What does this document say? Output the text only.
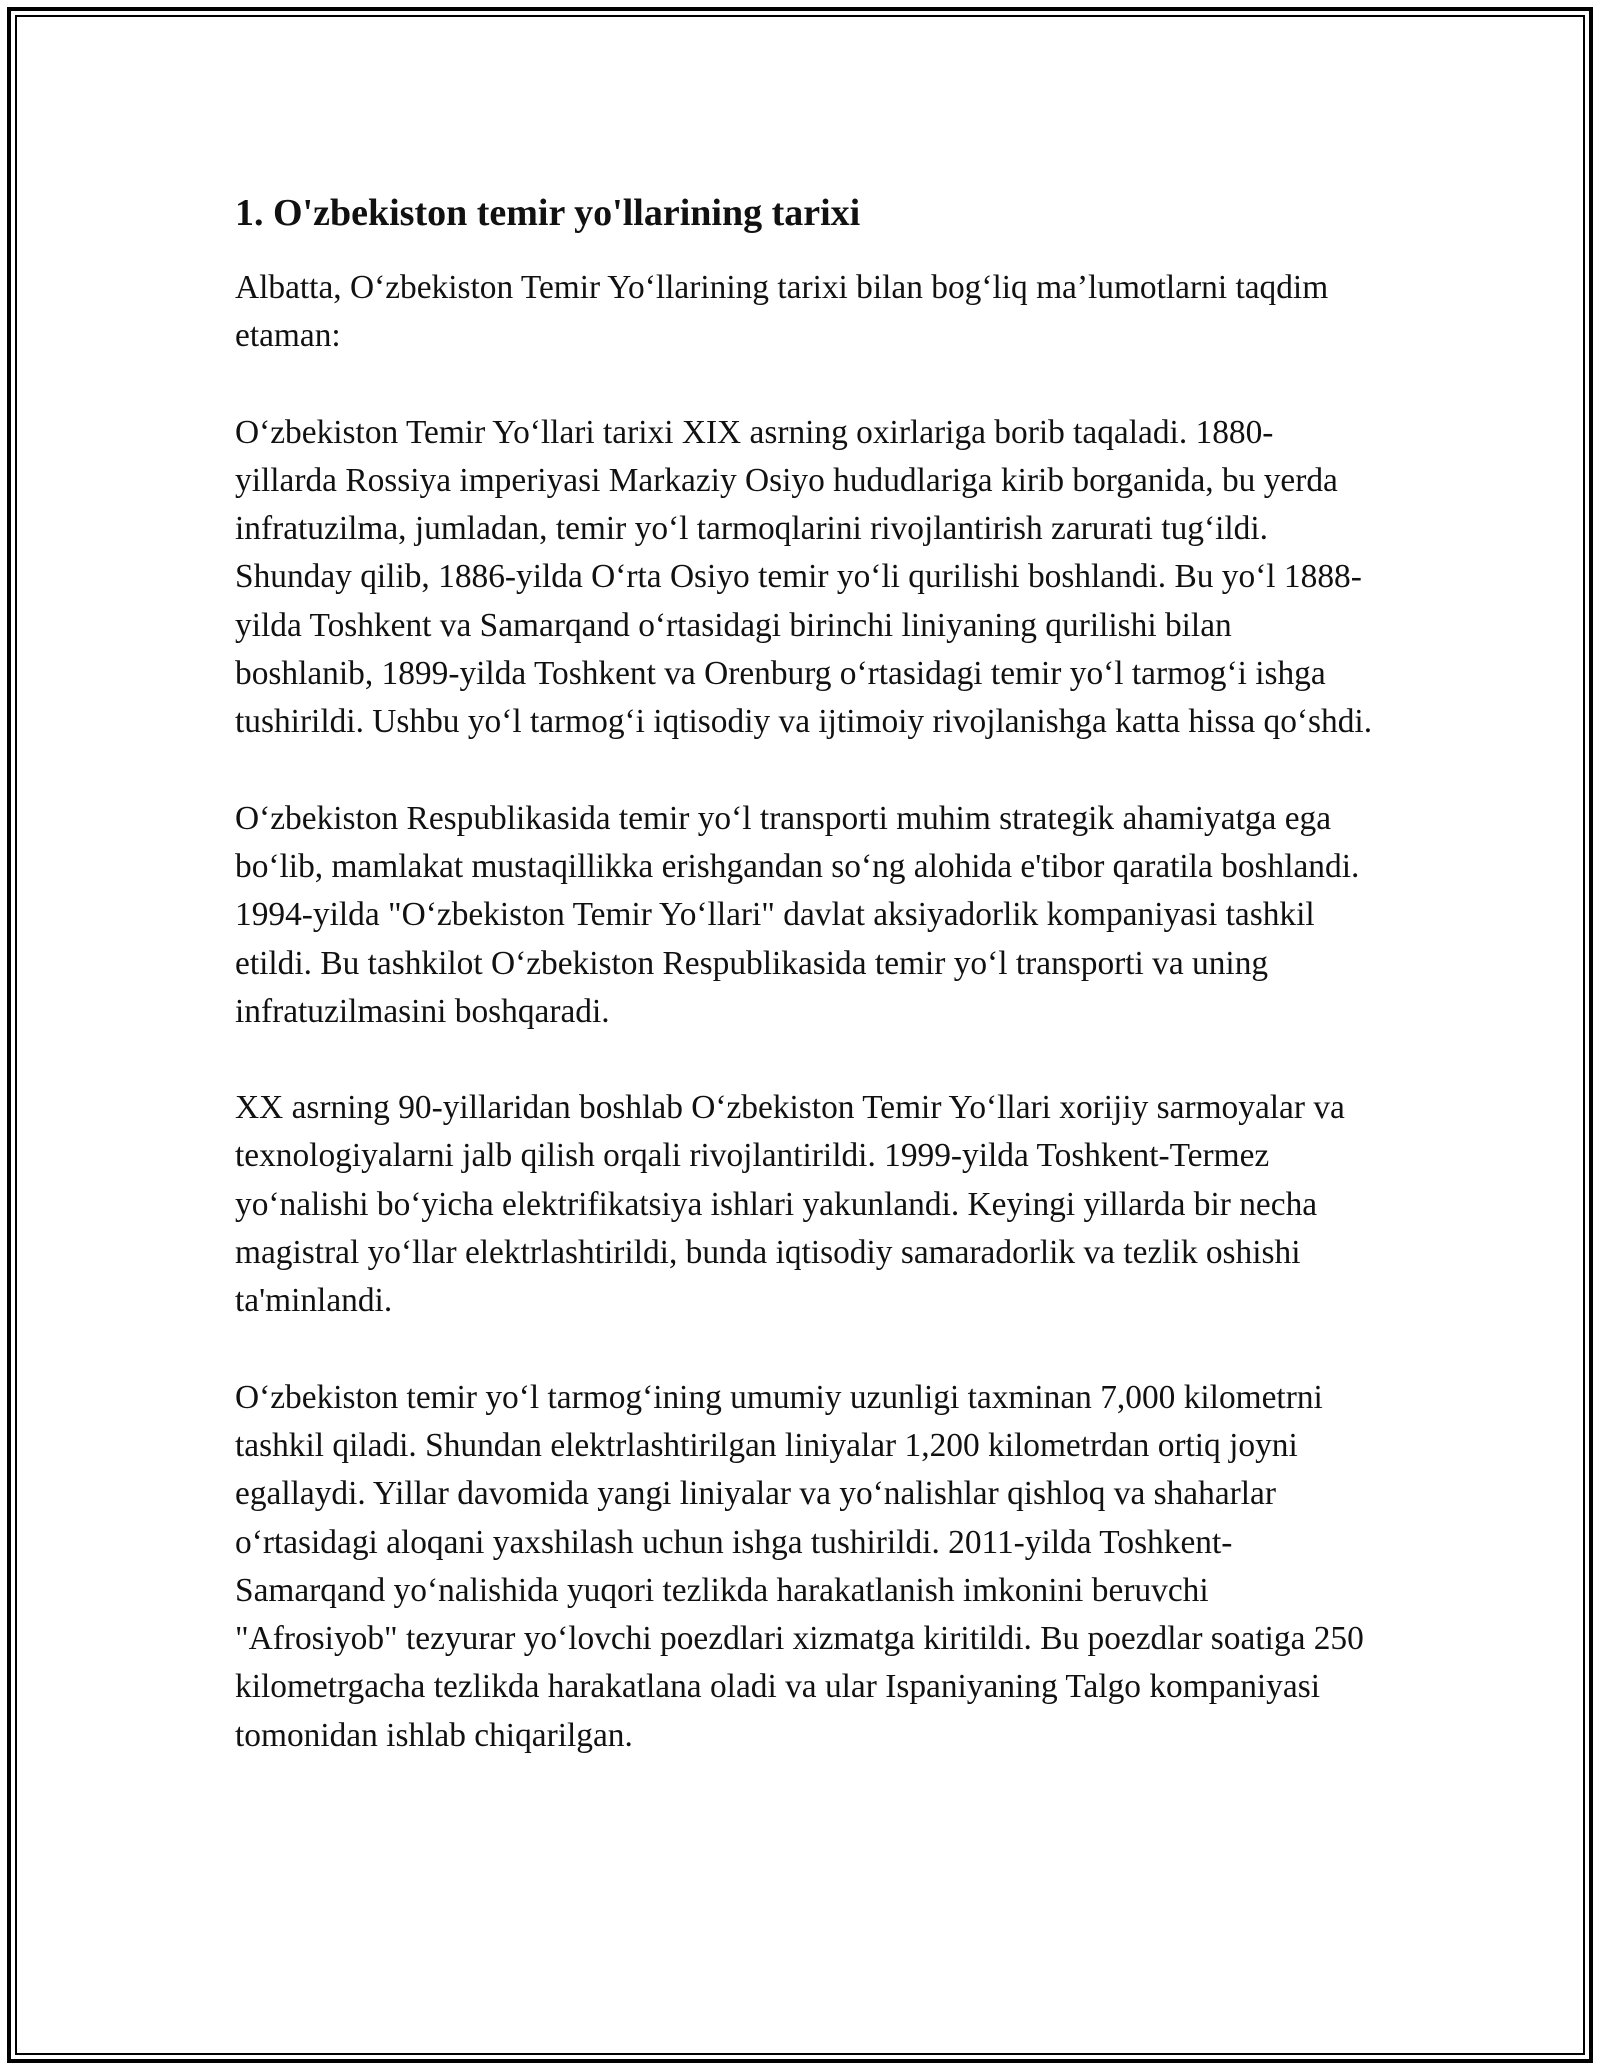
1. O'zbekiston temir yo'llarining tarixi

Albatta, O‘zbekiston Temir Yo‘llarining tarixi bilan bog‘liq ma’lumotlarni taqdim etaman:

O‘zbekiston Temir Yo‘llari tarixi XIX asrning oxirlariga borib taqaladi. 1880-yillarda Rossiya imperiyasi Markaziy Osiyo hududlariga kirib borganida, bu yerda infratuzilma, jumladan, temir yo‘l tarmoqlarini rivojlantirish zarurati tug‘ildi. Shunday qilib, 1886-yilda O‘rta Osiyo temir yo‘li qurilishi boshlandi. Bu yo‘l 1888-yilda Toshkent va Samarqand o‘rtasidagi birinchi liniyaning qurilishi bilan boshlanib, 1899-yilda Toshkent va Orenburg o‘rtasidagi temir yo‘l tarmog‘i ishga tushirildi. Ushbu yo‘l tarmog‘i iqtisodiy va ijtimoiy rivojlanishga katta hissa qo‘shdi.

O‘zbekiston Respublikasida temir yo‘l transporti muhim strategik ahamiyatga ega bo‘lib, mamlakat mustaqillikka erishgandan so‘ng alohida e'tibor qaratila boshlandi. 1994-yilda "O‘zbekiston Temir Yo‘llari" davlat aksiyadorlik kompaniyasi tashkil etildi. Bu tashkilot O‘zbekiston Respublikasida temir yo‘l transporti va uning infratuzilmasini boshqaradi.

XX asrning 90-yillaridan boshlab O‘zbekiston Temir Yo‘llari xorijiy sarmoyalar va texnologiyalarni jalb qilish orqali rivojlantirildi. 1999-yilda Toshkent-Termez yo‘nalishi bo‘yicha elektrifikatsiya ishlari yakunlandi. Keyingi yillarda bir necha magistral yo‘llar elektrlashtirildi, bunda iqtisodiy samaradorlik va tezlik oshishi ta'minlandi.

O‘zbekiston temir yo‘l tarmog‘ining umumiy uzunligi taxminan 7,000 kilometrni tashkil qiladi. Shundan elektrlashtirilgan liniyalar 1,200 kilometrdan ortiq joyni egallaydi. Yillar davomida yangi liniyalar va yo‘nalishlar qishloq va shaharlar o‘rtasidagi aloqani yaxshilash uchun ishga tushirildi. 2011-yilda Toshkent-Samarqand yo‘nalishida yuqori tezlikda harakatlanish imkonini beruvchi "Afrosiyob" tezyurar yo‘lovchi poezdlari xizmatga kiritildi. Bu poezdlar soatiga 250 kilometrgacha tezlikda harakatlana oladi va ular Ispaniyaning Talgo kompaniyasi tomonidan ishlab chiqarilgan.
